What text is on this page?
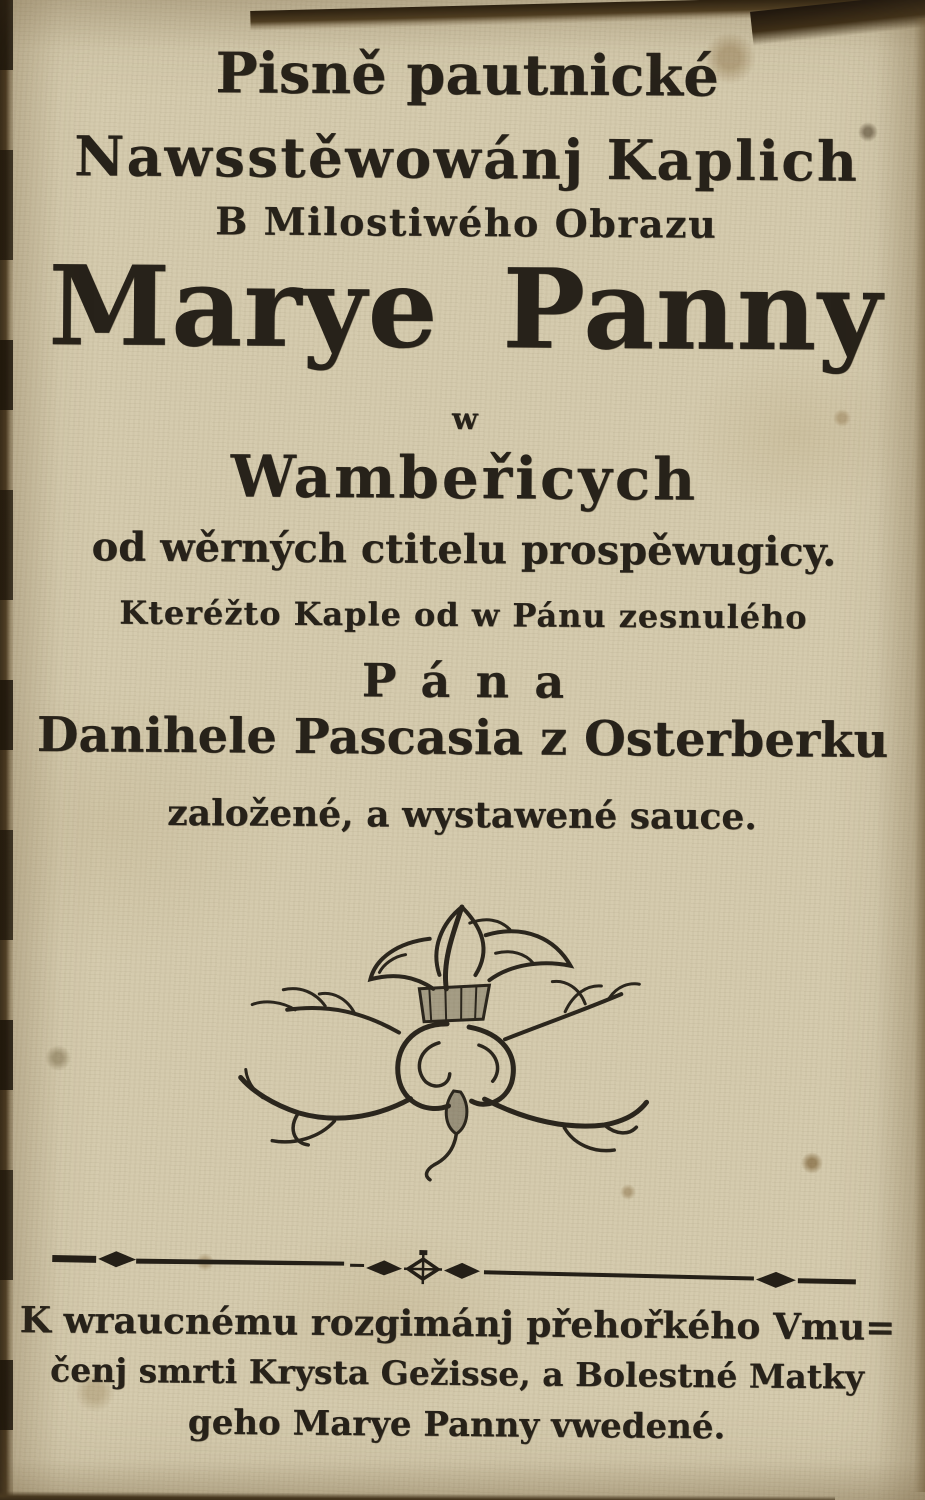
Pisně pautnické
Nawsstěwowánj Kaplich
B Milostiwého Obrazu
Marye Panny
w
Wambeřicych
od wěrných ctitelu prospěwugicy.
Kteréžto Kaple od w Pánu zesnulého
Pána
Danihele Pascasia z Osterberku
založené, a wystawené sauce.
K wraucnému rozgimánj přehořkého Vmu=
čenj smrti Krysta Gežisse, a Bolestné Matky
geho Marye Panny vwedené.
